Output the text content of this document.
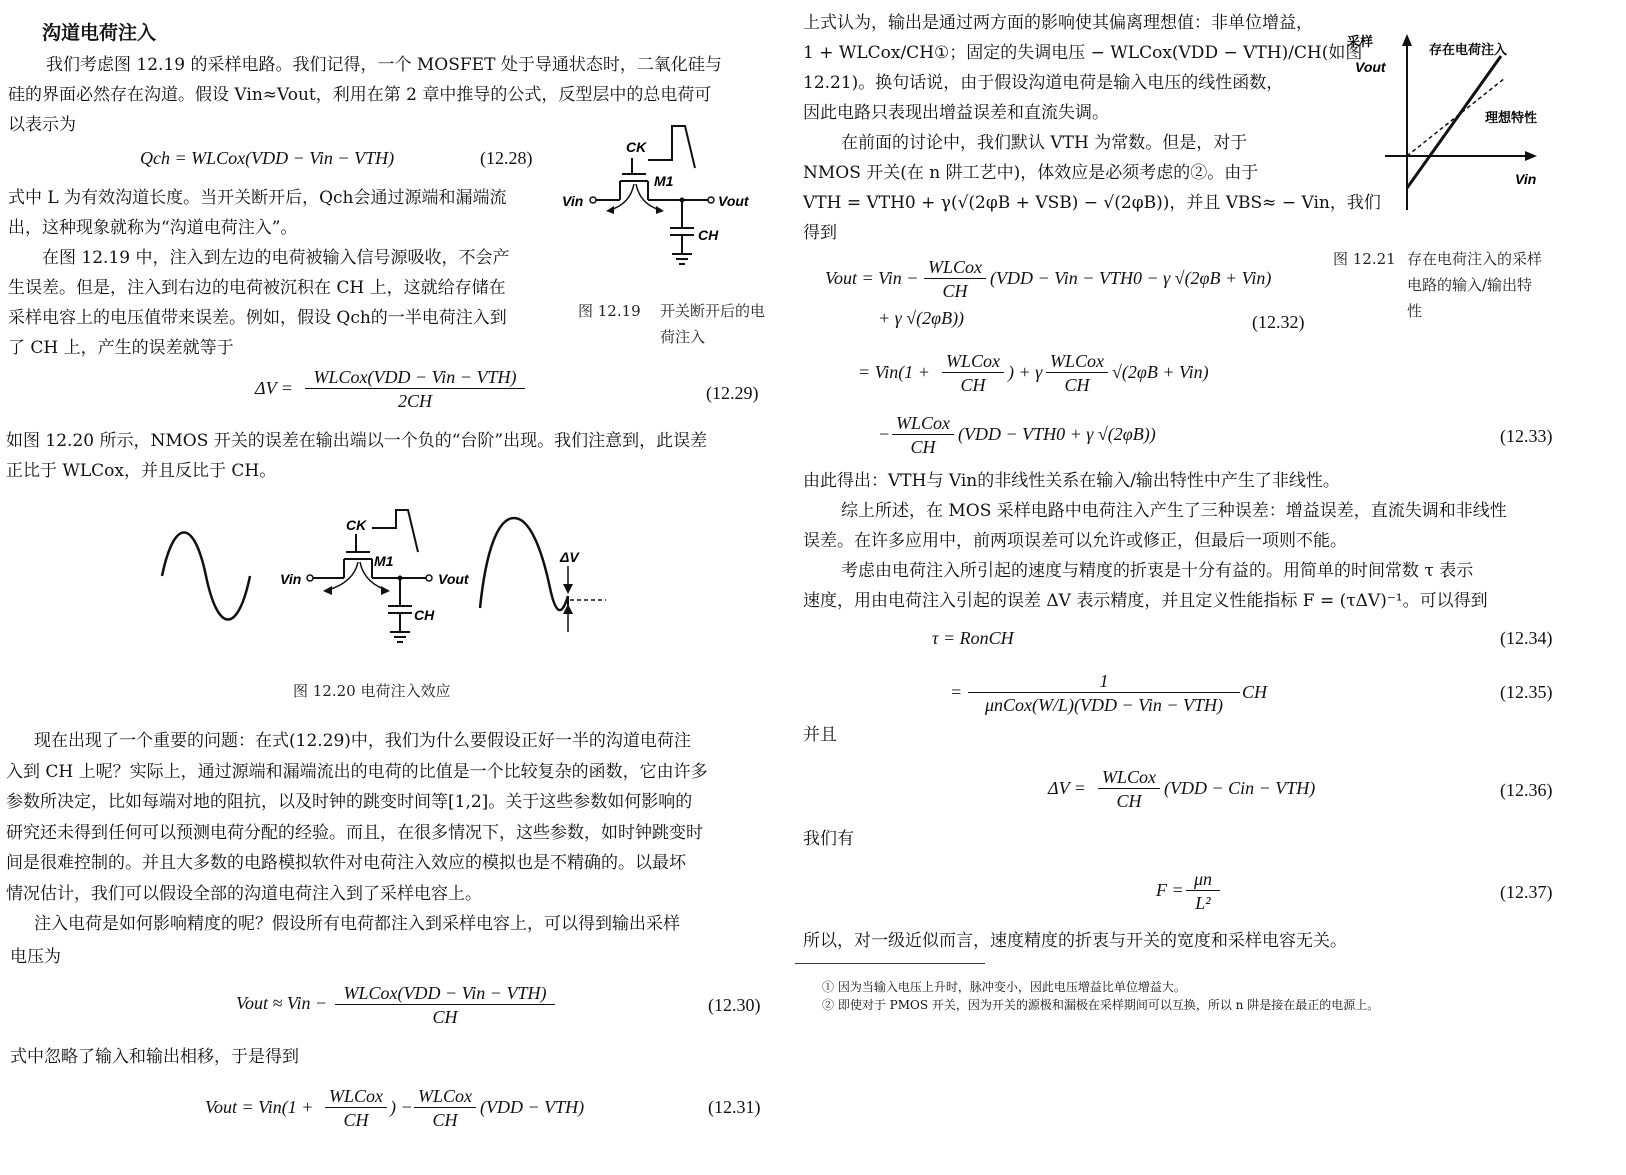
沟道电荷注入
我们考虑图 12.19 的采样电路。我们记得，一个 MOSFET 处于导通状态时，二氧化硅与
硅的界面必然存在沟道。假设 Vin≈Vout，利用在第 2 章中推导的公式，反型层中的总电荷可
以表示为
Qch = WLCox(VDD − Vin − VTH)	(12.28)
式中 L 为有效沟道长度。当开关断开后，Qch会通过源端和漏端流
出，这种现象就称为“沟道电荷注入”。
在图 12.19 中，注入到左边的电荷被输入信号源吸收，不会产
生误差。但是，注入到右边的电荷被沉积在 CH 上，这就给存储在
采样电容上的电压值带来误差。例如，假设 Qch的一半电荷注入到
了 CH 上，产生的误差就等于
CK
M1
Vin	Vout
CH
图 12.19 开关断开后的电
荷注入
ΔV =
WLCox(VDD − Vin − VTH)
2CH	(12.29)
如图 12.20 所示，NMOS 开关的误差在输出端以一个负的“台阶”出现。我们注意到，此误差
正比于 WLCox，并且反比于 CH。
CK
M1
Vin	Vout
CH
ΔV
图 12.20 电荷注入效应
现在出现了一个重要的问题：在式(12.29)中，我们为什么要假设正好一半的沟道电荷注
入到 CH 上呢？实际上，通过源端和漏端流出的电荷的比值是一个比较复杂的函数，它由许多
参数所决定，比如每端对地的阻抗，以及时钟的跳变时间等[1,2]。关于这些参数如何影响的
研究还未得到任何可以预测电荷分配的经验。而且，在很多情况下，这些参数，如时钟跳变时
间是很难控制的。并且大多数的电路模拟软件对电荷注入效应的模拟也是不精确的。以最坏
情况估计，我们可以假设全部的沟道电荷注入到了采样电容上。
注入电荷是如何影响精度的呢？假设所有电荷都注入到采样电容上，可以得到输出采样
电压为
Vout ≈ Vin − WLCox(VDD − Vin − VTH)
CH
(12.30)
式中忽略了输入和输出相移，于是得到
Vout = Vin(1 +
WLCox
CH
) −
WLCox
CH
(VDD − VTH)	(12.31)
上式认为，输出是通过两方面的影响使其偏离理想值：非单位增益，
1 + WLCox/CH①；固定的失调电压 − WLCox(VDD − VTH)/CH(如图
12.21)。换句话说，由于假设沟道电荷是输入电压的线性函数，
因此电路只表现出增益误差和直流失调。
在前面的讨论中，我们默认 VTH 为常数。但是，对于
NMOS 开关(在 n 阱工艺中)，体效应是必须考虑的②。由于
VTH = VTH0 + γ(√(2φB + VSB) − √(2φB))，并且 VBS≈ − Vin，我们
得到
采样
Vout
Vin
存在电荷注入
理想特性
图 12.21 存在电荷注入的采样
电路的输入/输出特
性
Vout = Vin −
WLCox
CH
(VDD − Vin − VTH0 − γ √(2φB + Vin)
+ γ √(2φB))	(12.32)
= Vin(1 +
WLCox
CH
) + γ
WLCox
CH
√(2φB + Vin)
−
WLCox
CH
(VDD − VTH0 + γ √(2φB))	(12.33)
由此得出：VTH与 Vin的非线性关系在输入/输出特性中产生了非线性。
综上所述，在 MOS 采样电路中电荷注入产生了三种误差：增益误差，直流失调和非线性
误差。在许多应用中，前两项误差可以允许或修正，但最后一项则不能。
考虑由电荷注入所引起的速度与精度的折衷是十分有益的。用简单的时间常数 τ 表示
速度，用由电荷注入引起的误差 ΔV 表示精度，并且定义性能指标 F = (τΔV)⁻¹。可以得到
τ = RonCH	(12.34)
=
1
μnCox(W/L)(VDD − Vin − VTH)
CH	(12.35)
并且
ΔV =
WLCox
CH
(VDD − Cin − VTH)	(12.36)
我们有
F =
μn
L²
(12.37)
所以，对一级近似而言，速度精度的折衷与开关的宽度和采样电容无关。
① 因为当输入电压上升时，脉冲变小，因此电压增益比单位增益大。
② 即使对于 PMOS 开关，因为开关的源极和漏极在采样期间可以互换，所以 n 阱是接在最正的电源上。
